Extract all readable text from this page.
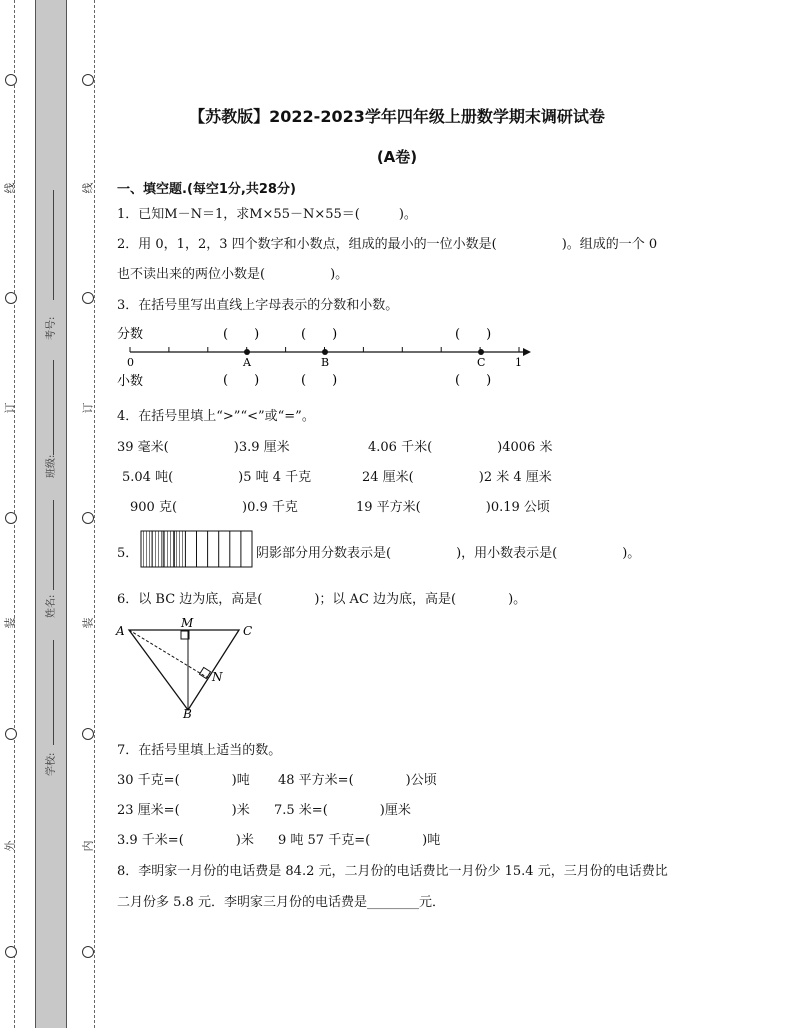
线
订
装
外
线
订
装
内
考号:
班级:
姓名:
学校:
【苏教版】2022-2023学年四年级上册数学期末调研试卷
(A卷)
一、填空题.(每空1分,共28分)
1．已知M－N＝1，求M×55－N×55＝(　　　)。
2．用 0，1，2，3 四个数字和小数点，组成的最小的一位小数是(　　　　　)。组成的一个 0
也不读出来的两位小数是(　　　　　)。
3．在括号里写出直线上字母表示的分数和小数。
分数
小数
(　　)	(　　)	(　　)
(　　)	(　　)	(　　)
0	1
A	B	C
4．在括号里填上“>”“<”或“=”。
39 毫米(　　　　　)3.9 厘米	4.06 千米(　　　　　)4006 米
5.04 吨(　　　　　)5 吨 4 千克	24 厘米(　　　　　)2 米 4 厘米
900 克(　　　　　)0.9 千克	19 平方米(　　　　　)0.19 公顷
5．	阴影部分用分数表示是(　　　　　)，用小数表示是(　　　　　)。
6．以 BC 边为底，高是(　　　　)；以 AC 边为底，高是(　　　　)。
A
M
C
N
B
7．在括号里填上适当的数。
30 千克=(　　　　)吨 48 平方米=(　　　　)公顷
23 厘米=(　　　　)米 7.5 米=(　　　　)厘米
3.9 千米=(　　　　)米 9 吨 57 千克=(　　　　)吨
8．李明家一月份的电话费是 84.2 元，二月份的电话费比一月份少 15.4 元，三月份的电话费比
二月份多 5.8 元．李明家三月份的电话费是________元．
